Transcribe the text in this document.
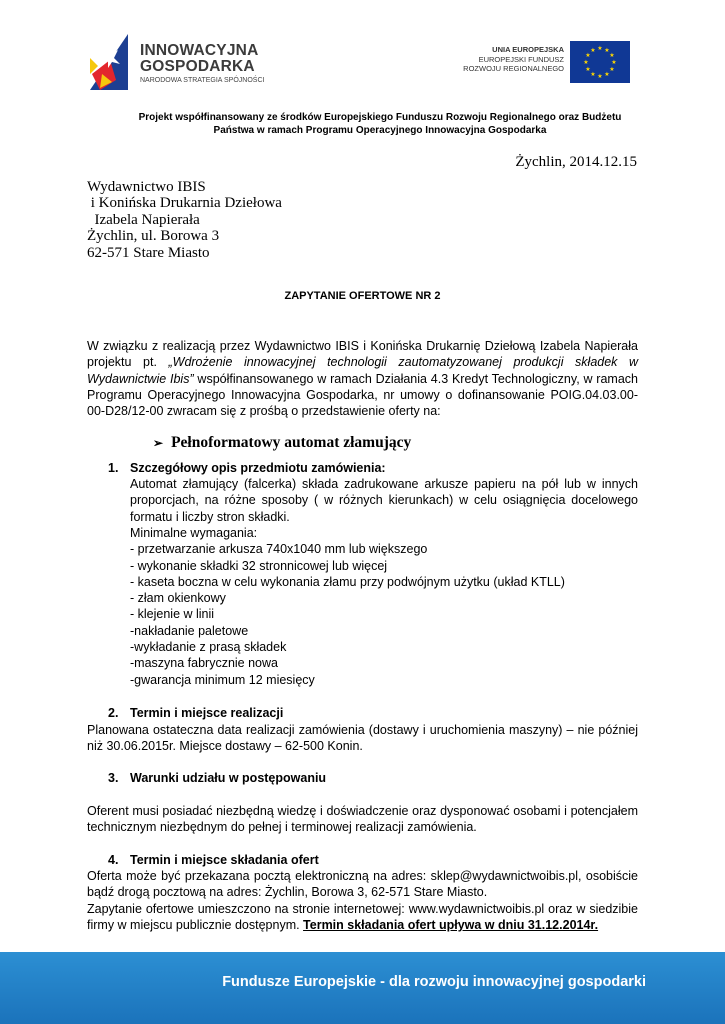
INNOWACYJNA
GOSPODARKA
NARODOWA STRATEGIA SPÓJNOŚCI
UNIA EUROPEJSKA
EUROPEJSKI FUNDUSZ
ROZWOJU REGIONALNEGO
★ ★
★
★
★
★
★
★
★
★
★
★
Projekt współfinansowany ze środków Europejskiego Funduszu Rozwoju Regionalnego oraz Budżetu
Państwa w ramach Programu Operacyjnego Innowacyjna Gospodarka
Żychlin, 2014.12.15
Wydawnictwo IBIS
i Konińska Drukarnia Dziełowa
Izabela Napierała
Żychlin, ul. Borowa 3
62-571 Stare Miasto
ZAPYTANIE OFERTOWE NR 2
W związku z realizacją przez Wydawnictwo IBIS i Konińska Drukarnię Dziełową Izabela Napierała projektu pt. „Wdrożenie innowacyjnej technologii zautomatyzowanej produkcji składek w Wydawnictwie Ibis” współfinansowanego w ramach Działania 4.3 Kredyt Technologiczny, w ramach Programu Operacyjnego Innowacyjna Gospodarka, nr umowy o dofinansowanie POIG.04.03.00-00-D28/12-00 zwracam się z prośbą o przedstawienie oferty na:
➢ Pełnoformatowy automat złamujący
1. Szczegółowy opis przedmiotu zamówienia:
Automat złamujący (falcerka) składa zadrukowane arkusze papieru na pół lub w innych proporcjach, na różne sposoby ( w różnych kierunkach) w celu osiągnięcia docelowego formatu i liczby stron składki.
Minimalne wymagania:
- przetwarzanie arkusza 740x1040 mm lub większego
- wykonanie składki 32 stronnicowej lub więcej
- kaseta boczna w celu wykonania złamu przy podwójnym użytku (układ KTLL)
- złam okienkowy
- klejenie w linii
-nakładanie paletowe
-wykładanie z prasą składek
-maszyna fabrycznie nowa
-gwarancja minimum 12 miesięcy
2. Termin i miejsce realizacji
Planowana ostateczna data realizacji zamówienia (dostawy i uruchomienia maszyny) – nie później niż 30.06.2015r. Miejsce dostawy – 62-500 Konin.
3. Warunki udziału w postępowaniu
Oferent musi posiadać niezbędną wiedzę i doświadczenie oraz dysponować osobami i potencjałem technicznym niezbędnym do pełnej i terminowej realizacji zamówienia.
4. Termin i miejsce składania ofert
Oferta może być przekazana pocztą elektroniczną na adres: sklep@wydawnictwoibis.pl, osobiście bądź drogą pocztową na adres: Żychlin, Borowa 3, 62-571 Stare Miasto.
Zapytanie ofertowe umieszczono na stronie internetowej: www.wydawnictwoibis.pl oraz w siedzibie firmy w miejscu publicznie dostępnym. Termin składania ofert upływa w dniu 31.12.2014r.
Fundusze Europejskie - dla rozwoju innowacyjnej gospodarki
